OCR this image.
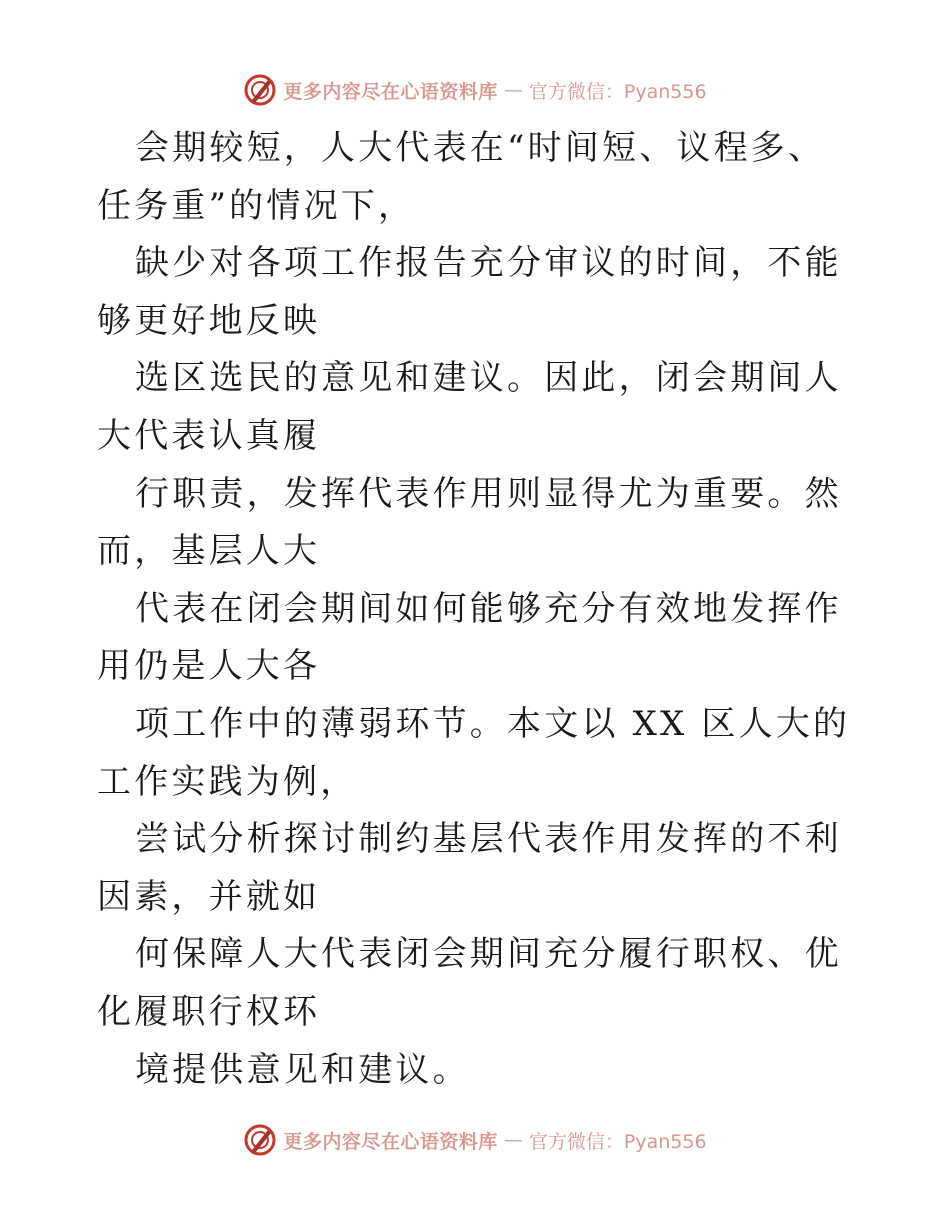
更多内容尽在心语资料库 — 官方微信：Pyan556

会期较短，人大代表在“时间短、议程多、任务重”的情况下，

缺少对各项工作报告充分审议的时间，不能够更好地反映

选区选民的意见和建议。因此，闭会期间人大代表认真履

行职责，发挥代表作用则显得尤为重要。然而，基层人大

代表在闭会期间如何能够充分有效地发挥作用仍是人大各

项工作中的薄弱环节。本文以 XX 区人大的工作实践为例，

尝试分析探讨制约基层代表作用发挥的不利因素，并就如

何保障人大代表闭会期间充分履行职权、优化履职行权环

境提供意见和建议。

更多内容尽在心语资料库 — 官方微信：Pyan556
